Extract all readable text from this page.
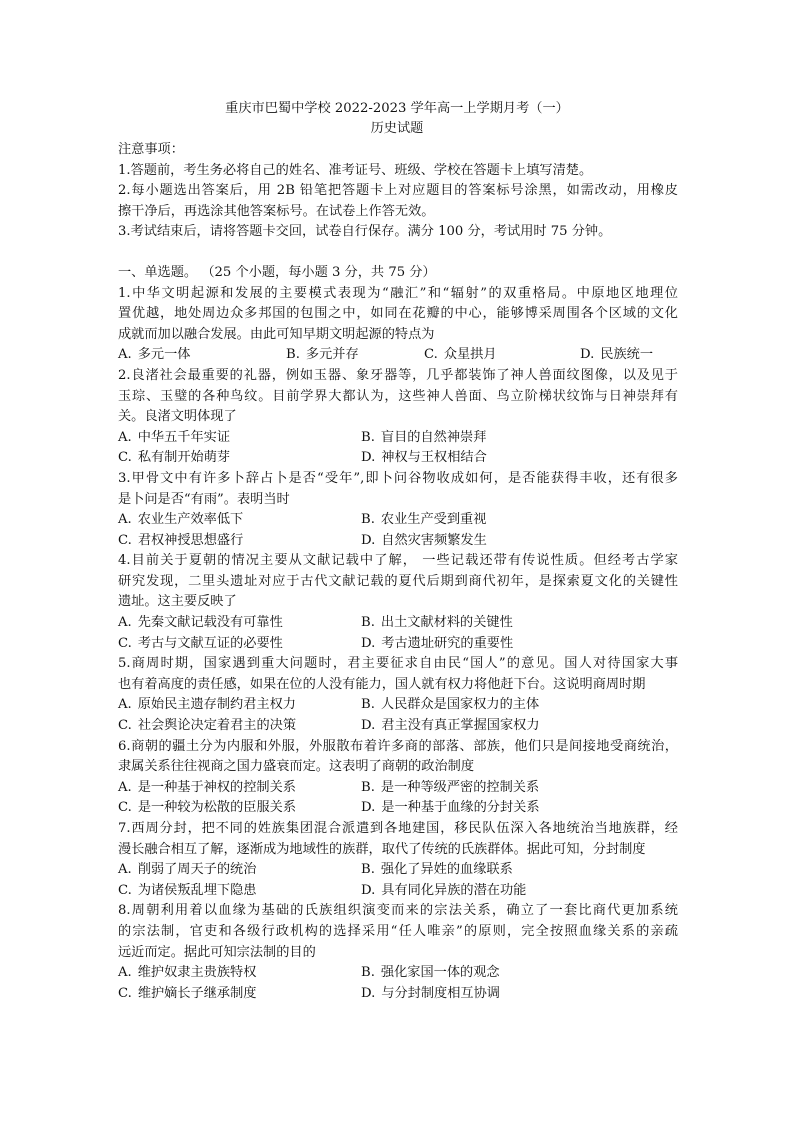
重庆市巴蜀中学校 2022-2023 学年高一上学期月考（一）
历史试题
注意事项：
1.答题前，考生务必将自己的姓名、准考证号、班级、学校在答题卡上填写清楚。
2.每小题选出答案后，用 2B 铅笔把答题卡上对应题目的答案标号涂黑，如需改动，用橡皮
擦干净后，再选涂其他答案标号。在试卷上作答无效。
3.考试结束后，请将答题卡交回，试卷自行保存。满分 100 分，考试用时 75 分钟。
一、单选题。 （25 个小题，每小题 3 分，共 75 分）
1.中华文明起源和发展的主要模式表现为“融汇”和“辐射”的双重格局。中原地区地理位
置优越，地处周边众多邦国的包围之中，如同在花瓣的中心，能够博采周围各个区域的文化
成就而加以融合发展。由此可知早期文明起源的特点为
A. 多元一体	B. 多元并存	C. 众星拱月	D. 民族统一
2.良渚社会最重要的礼器，例如玉器、象牙器等，几乎都装饰了神人兽面纹图像，以及见于
玉琮、玉璧的各种鸟纹。目前学界大都认为，这些神人兽面、鸟立阶梯状纹饰与日神崇拜有
关。良渚文明体现了
A. 中华五千年实证	B. 盲目的自然神崇拜
C. 私有制开始萌芽	D. 神权与王权相结合
3.甲骨文中有许多卜辞占卜是否“受年”,即卜问谷物收成如何，是否能获得丰收，还有很多
是卜问是否“有雨”。表明当时
A. 农业生产效率低下	B. 农业生产受到重视
C. 君权神授思想盛行	D. 自然灾害频繁发生
4.目前关于夏朝的情况主要从文献记载中了解， 一些记载还带有传说性质。但经考古学家
研究发现，二里头遗址对应于古代文献记载的夏代后期到商代初年，是探索夏文化的关键性
遗址。这主要反映了
A. 先秦文献记载没有可靠性	B. 出土文献材料的关键性
C. 考古与文献互证的必要性	D. 考古遗址研究的重要性
5.商周时期，国家遇到重大问题时，君主要征求自由民“国人”的意见。国人对待国家大事
也有着高度的责任感，如果在位的人没有能力，国人就有权力将他赶下台。这说明商周时期
A. 原始民主遗存制约君主权力	B. 人民群众是国家权力的主体
C. 社会舆论决定着君主的决策	D. 君主没有真正掌握国家权力
6.商朝的疆土分为内服和外服，外服散布着许多商的部落、部族，他们只是间接地受商统治，
隶属关系往往视商之国力盛衰而定。这表明了商朝的政治制度
A. 是一种基于神权的控制关系	B. 是一种等级严密的控制关系
C. 是一种较为松散的臣服关系	D. 是一种基于血缘的分封关系
7.西周分封，把不同的姓族集团混合派遣到各地建国，移民队伍深入各地统治当地族群，经
漫长融合相互了解，逐渐成为地域性的族群，取代了传统的氏族群体。据此可知，分封制度
A. 削弱了周天子的统治	B. 强化了异姓的血缘联系
C. 为诸侯叛乱埋下隐患	D. 具有同化异族的潜在功能
8.周朝利用着以血缘为基础的氏族组织演变而来的宗法关系，确立了一套比商代更加系统
的宗法制，官吏和各级行政机构的选择采用“任人唯亲”的原则，完全按照血缘关系的亲疏
远近而定。据此可知宗法制的目的
A. 维护奴隶主贵族特权	B. 强化家国一体的观念
C. 维护嫡长子继承制度	D. 与分封制度相互协调
